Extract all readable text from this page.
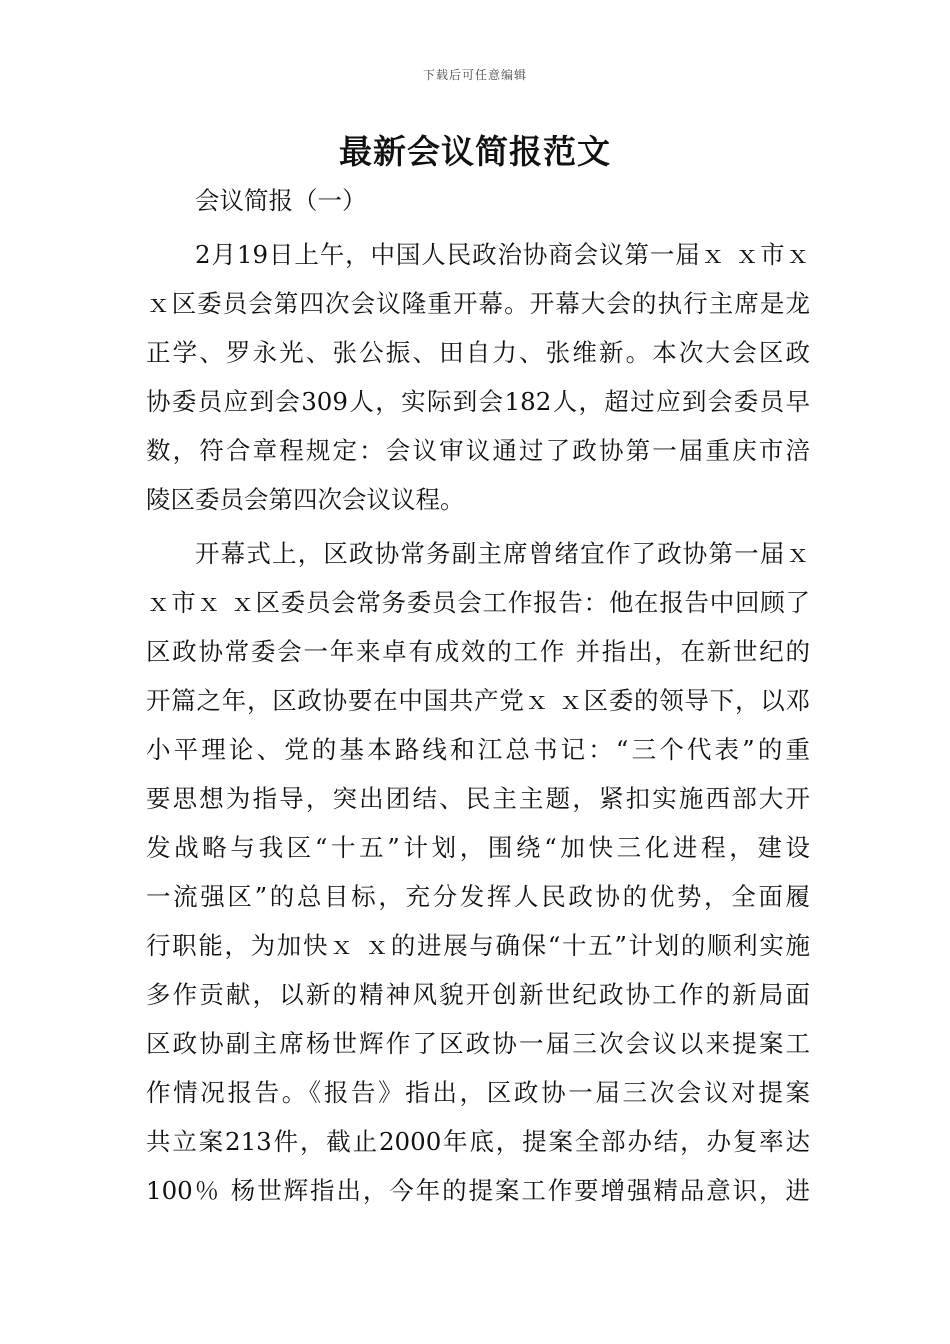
下载后可任意编辑
最新会议简报范文
会议简报（一）
2月19日上午，中国人民政治协商会议第一届ｘ ｘ市ｘ
ｘ区委员会第四次会议隆重开幕。开幕大会的执行主席是龙
正学、罗永光、张公振、田自力、张维新。本次大会区政
协委员应到会309人，实际到会182人，超过应到会委员早
数，符合章程规定：会议审议通过了政协第一届重庆市涪
陵区委员会第四次会议议程。
开幕式上，区政协常务副主席曾绪宜作了政协第一届ｘ
ｘ市ｘ ｘ区委员会常务委员会工作报告：他在报告中回顾了
区政协常委会一年来卓有成效的工作 并指出，在新世纪的
开篇之年，区政协要在中国共产党ｘ ｘ区委的领导下，以邓
小平理论、党的基本路线和江总书记：“三个代表”的重
要思想为指导，突出团结、民主主题，紧扣实施西部大开
发战略与我区“十五”计划，围绕“加快三化进程，建设
一流强区”的总目标，充分发挥人民政协的优势，全面履
行职能，为加快ｘ ｘ的进展与确保“十五”计划的顺利实施
多作贡献，以新的精神风貌开创新世纪政协工作的新局面
区政协副主席杨世辉作了区政协一届三次会议以来提案工
作情况报告。《报告》指出，区政协一届三次会议对提案
共立案213件，截止2000年底，提案全部办结，办复率达
100％ 杨世辉指出，今年的提案工作要增强精品意识，进
